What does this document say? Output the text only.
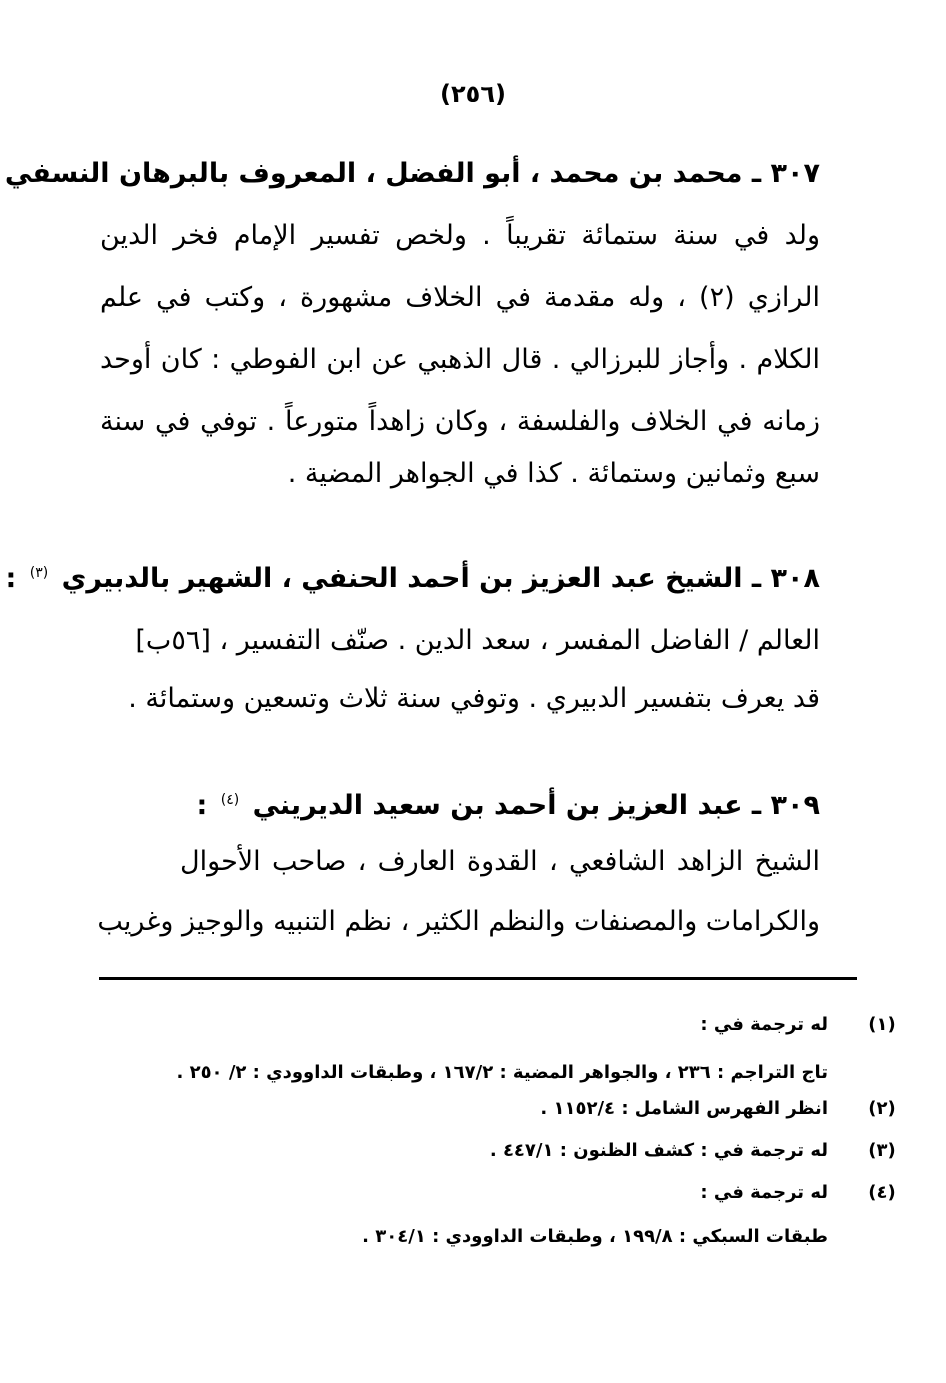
(٢٥٦)
٣٠٧ ـ محمد بن محمد ، أبو الفضل ، المعروف بالبرهان النسفي
ولد في سنة ستمائة تقريباً . ولخص تفسير الإمام فخر الدين
الرازي (٢) ، وله مقدمة في الخلاف مشهورة ، وكتب في علم
الكلام . وأجاز للبرزالي . قال الذهبي عن ابن الفوطي : كان أوحد
زمانه في الخلاف والفلسفة ، وكان زاهداً متورعاً . توفي في سنة
سبع وثمانين وستمائة . كذا في الجواهر المضية .
٣٠٨ ـ الشيخ عبد العزيز بن أحمد الحنفي ، الشهير بالدبيري $^{(٣)}$ :
العالم / الفاضل المفسر ، سعد الدين . صنّف التفسير ، [٥٦ب]
قد يعرف بتفسير الدبيري . وتوفي سنة ثلاث وتسعين وستمائة .
٣٠٩ ـ عبد العزيز بن أحمد بن سعيد الديريني $^{(٤)}$ :
الشيخ الزاهد الشافعي ، القدوة العارف ، صاحب الأحوال
والكرامات والمصنفات والنظم الكثير ، نظم التنبيه والوجيز وغريب
(١)
له ترجمة في :
تاج التراجم : ٢٣٦ ، والجواهر المضية : ١٦٧/٢ ، وطبقات الداوودي : ٢/ ٢٥٠ .
(٢)
انظر الفهرس الشامل : ١١٥٢/٤ .
(٣)
له ترجمة في : كشف الظنون : ٤٤٧/١ .
(٤)
له ترجمة في :
طبقات السبكي : ١٩٩/٨ ، وطبقات الداوودي : ٣٠٤/١ .
